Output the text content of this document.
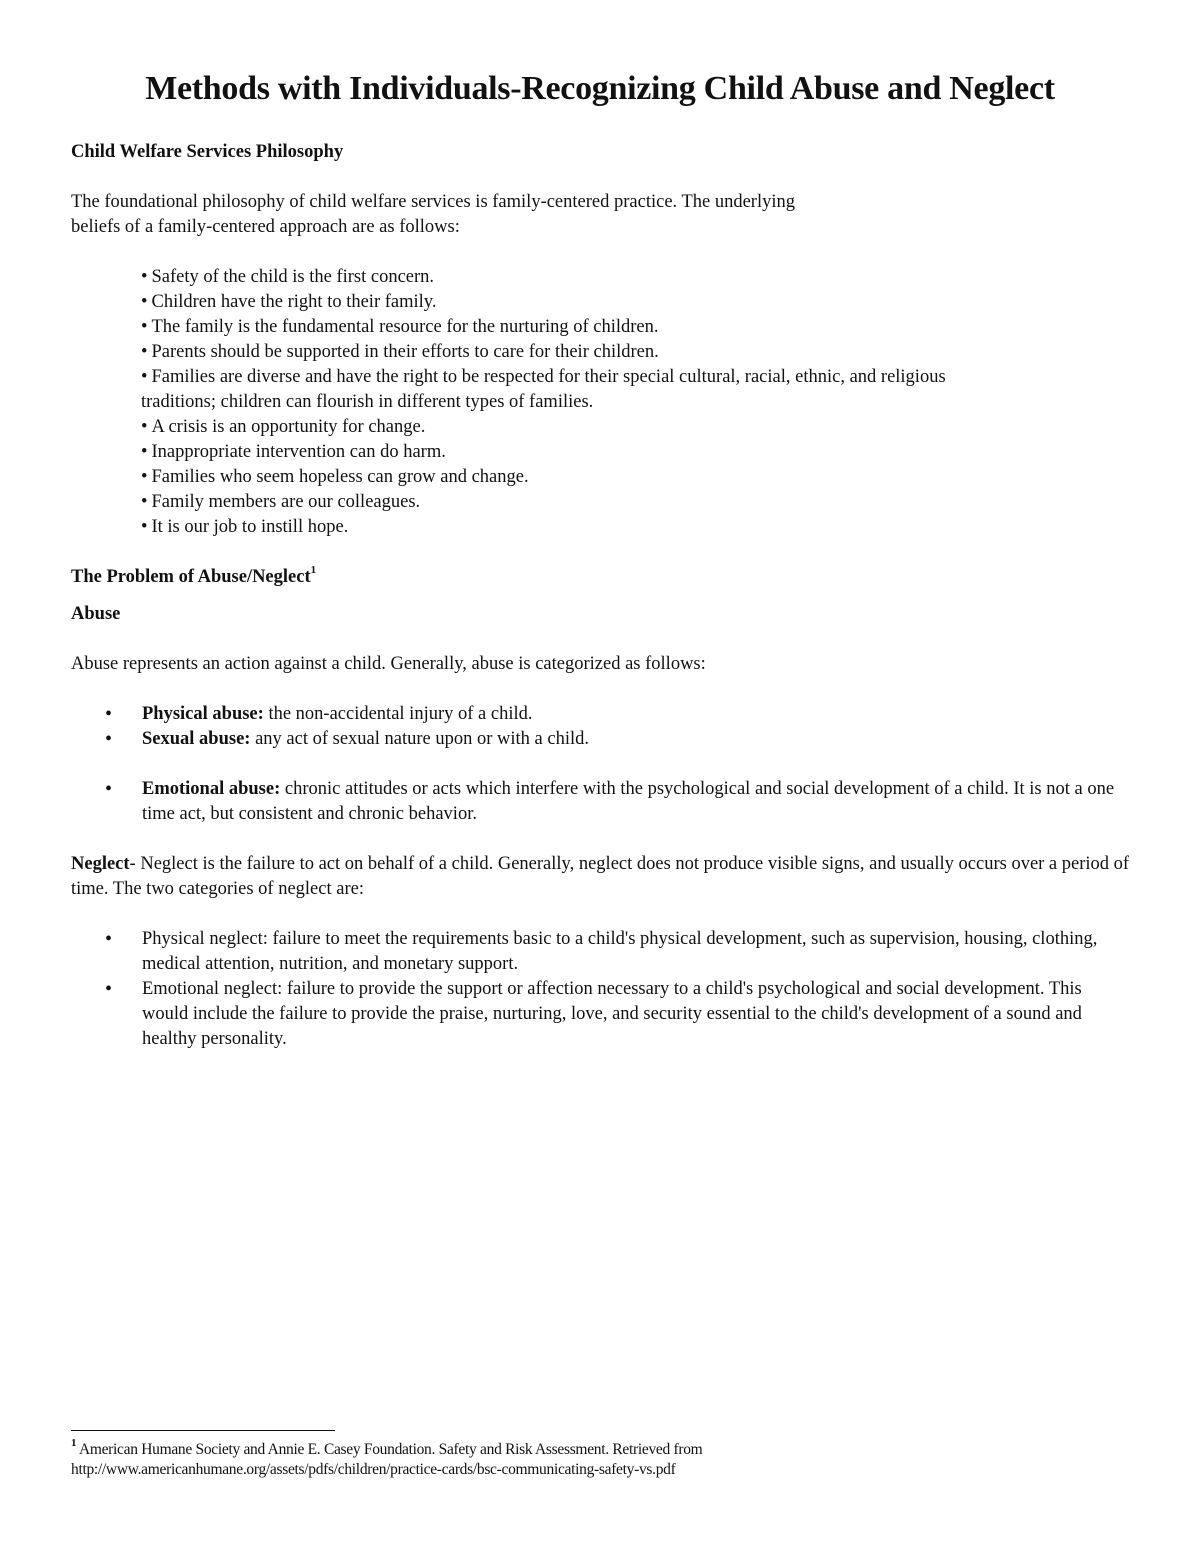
Methods with Individuals-Recognizing Child Abuse and Neglect
Child Welfare Services Philosophy

The foundational philosophy of child welfare services is family-centered practice. The underlying

beliefs of a family-centered approach are as follows:

• Safety of the child is the first concern.
• Children have the right to their family.
• The family is the fundamental resource for the nurturing of children.
• Parents should be supported in their efforts to care for their children.
• Families are diverse and have the right to be respected for their special cultural, racial, ethnic, and religious
traditions; children can flourish in different types of families.
• A crisis is an opportunity for change.
• Inappropriate intervention can do harm.
• Families who seem hopeless can grow and change.
• Family members are our colleagues.
• It is our job to instill hope.
The Problem of Abuse/Neglect$^1$
Abuse

Abuse represents an action against a child. Generally, abuse is categorized as follows:

• Physical abuse: the non-accidental injury of a child.
• Sexual abuse: any act of sexual nature upon or with a child.
• Emotional abuse: chronic attitudes or acts which interfere with the psychological and social development of a child. It is not a one time act, but consistent and chronic behavior.

Neglect- Neglect is the failure to act on behalf of a child. Generally, neglect does not produce visible signs, and usually occurs over a period of time. The two categories of neglect are:

• Physical neglect: failure to meet the requirements basic to a child's physical development, such as supervision, housing, clothing, medical attention, nutrition, and monetary support.
• Emotional neglect: failure to provide the support or affection necessary to a child's psychological and social development. This would include the failure to provide the praise, nurturing, love, and security essential to the child's development of a sound and healthy personality.
$^1$ American Humane Society and Annie E. Casey Foundation. Safety and Risk Assessment. Retrieved from
http://www.americanhumane.org/assets/pdfs/children/practice-cards/bsc-communicating-safety-vs.pdf
